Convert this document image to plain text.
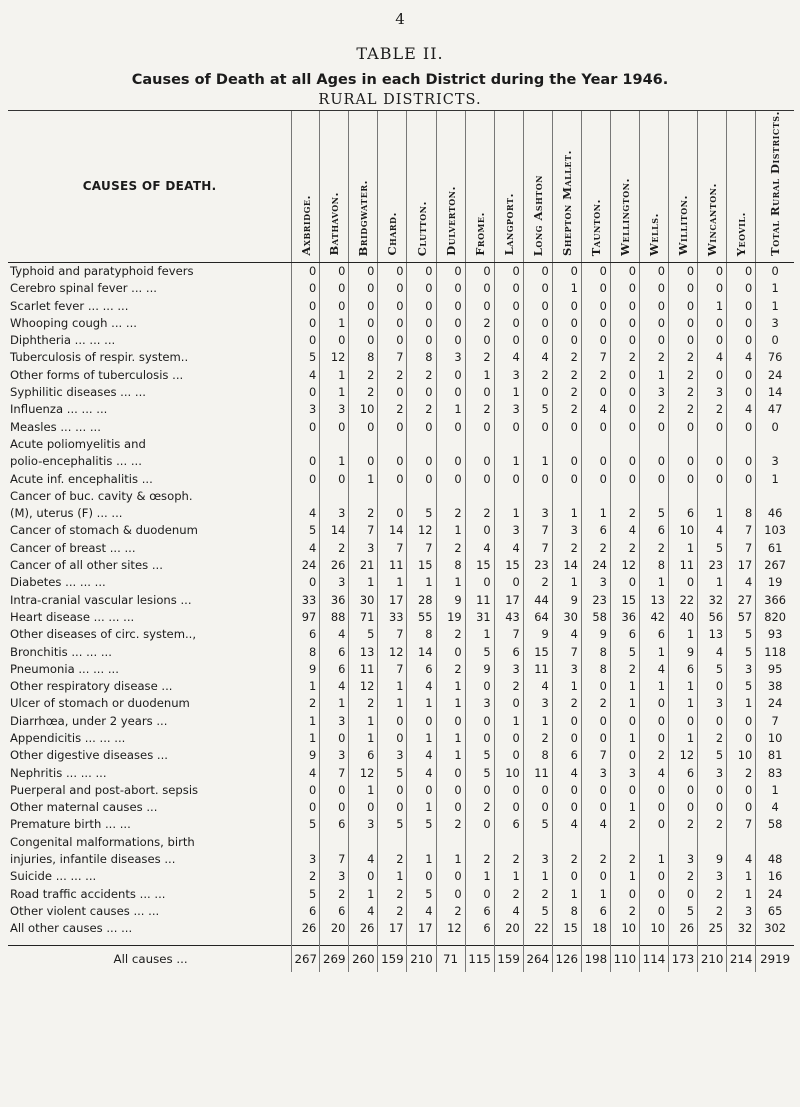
4
TABLE II.
Causes of Death at all Ages in each District during the Year 1946.
RURAL DISTRICTS.
CAUSES OF DEATH.	Axbridge.	Bathavon.	Bridgwater.	Chard.	Clutton.	Dulverton.	Frome.	Langport.	Long Ashton	Shepton Mallet.	Taunton.	Wellington.	Wells.	Williton.	Wincanton.	Yeovil.	Total Rural Districts.

Typhoid and paratyphoid fevers	0	0	0	0	0	0	0	0	0	0	0	0	0	0	0	0	0
Cerebro spinal fever ... ...	0	0	0	0	0	0	0	0	0	1	0	0	0	0	0	0	1
Scarlet fever ... ... ...	0	0	0	0	0	0	0	0	0	0	0	0	0	0	1	0	1
Whooping cough ... ...	0	1	0	0	0	0	2	0	0	0	0	0	0	0	0	0	3
Diphtheria ... ... ...	0	0	0	0	0	0	0	0	0	0	0	0	0	0	0	0	0
Tuberculosis of respir. system..	5	12	8	7	8	3	2	4	4	2	7	2	2	2	4	4	76
Other forms of tuberculosis ...	4	1	2	2	2	0	1	3	2	2	2	0	1	2	0	0	24
Syphilitic diseases ... ...	0	1	2	0	0	0	0	1	0	2	0	0	3	2	3	0	14
Influenza ... ... ...	3	3	10	2	2	1	2	3	5	2	4	0	2	2	2	4	47
Measles ... ... ...	0	0	0	0	0	0	0	0	0	0	0	0	0	0	0	0	0
Acute poliomyelitis and																	
polio-encephalitis ... ...	0	1	0	0	0	0	0	1	1	0	0	0	0	0	0	0	3
Acute inf. encephalitis ...	0	0	1	0	0	0	0	0	0	0	0	0	0	0	0	0	1
Cancer of buc. cavity & œsoph.																	
(M), uterus (F) ... ...	4	3	2	0	5	2	2	1	3	1	1	2	5	6	1	8	46
Cancer of stomach & duodenum	5	14	7	14	12	1	0	3	7	3	6	4	6	10	4	7	103
Cancer of breast ... ...	4	2	3	7	7	2	4	4	7	2	2	2	2	1	5	7	61
Cancer of all other sites ...	24	26	21	11	15	8	15	15	23	14	24	12	8	11	23	17	267
Diabetes ... ... ...	0	3	1	1	1	1	0	0	2	1	3	0	1	0	1	4	19
Intra-cranial vascular lesions ...	33	36	30	17	28	9	11	17	44	9	23	15	13	22	32	27	366
Heart disease ... ... ...	97	88	71	33	55	19	31	43	64	30	58	36	42	40	56	57	820
Other diseases of circ. system..,	6	4	5	7	8	2	1	7	9	4	9	6	6	1	13	5	93
Bronchitis ... ... ...	8	6	13	12	14	0	5	6	15	7	8	5	1	9	4	5	118
Pneumonia ... ... ...	9	6	11	7	6	2	9	3	11	3	8	2	4	6	5	3	95
Other respiratory disease ...	1	4	12	1	4	1	0	2	4	1	0	1	1	1	0	5	38
Ulcer of stomach or duodenum	2	1	2	1	1	1	3	0	3	2	2	1	0	1	3	1	24
Diarrhœa, under 2 years ...	1	3	1	0	0	0	0	1	1	0	0	0	0	0	0	0	7
Appendicitis ... ... ...	1	0	1	0	1	1	0	0	2	0	0	1	0	1	2	0	10
Other digestive diseases ...	9	3	6	3	4	1	5	0	8	6	7	0	2	12	5	10	81
Nephritis ... ... ...	4	7	12	5	4	0	5	10	11	4	3	3	4	6	3	2	83
Puerperal and post-abort. sepsis	0	0	1	0	0	0	0	0	0	0	0	0	0	0	0	0	1
Other maternal causes ...	0	0	0	0	1	0	2	0	0	0	0	1	0	0	0	0	4
Premature birth ... ...	5	6	3	5	5	2	0	6	5	4	4	2	0	2	2	7	58
Congenital malformations, birth																	
injuries, infantile diseases ...	3	7	4	2	1	1	2	2	3	2	2	2	1	3	9	4	48
Suicide ... ... ...	2	3	0	1	0	0	1	1	1	0	0	1	0	2	3	1	16
Road traffic accidents ... ...	5	2	1	2	5	0	0	2	2	1	1	0	0	0	2	1	24
Other violent causes ... ...	6	6	4	2	4	2	6	4	5	8	6	2	0	5	2	3	65
All other causes ... ...	26	20	26	17	17	12	6	20	22	15	18	10	10	26	25	32	302

All causes ...	267	269	260	159	210	71	115	159	264	126	198	110	114	173	210	214	2919
